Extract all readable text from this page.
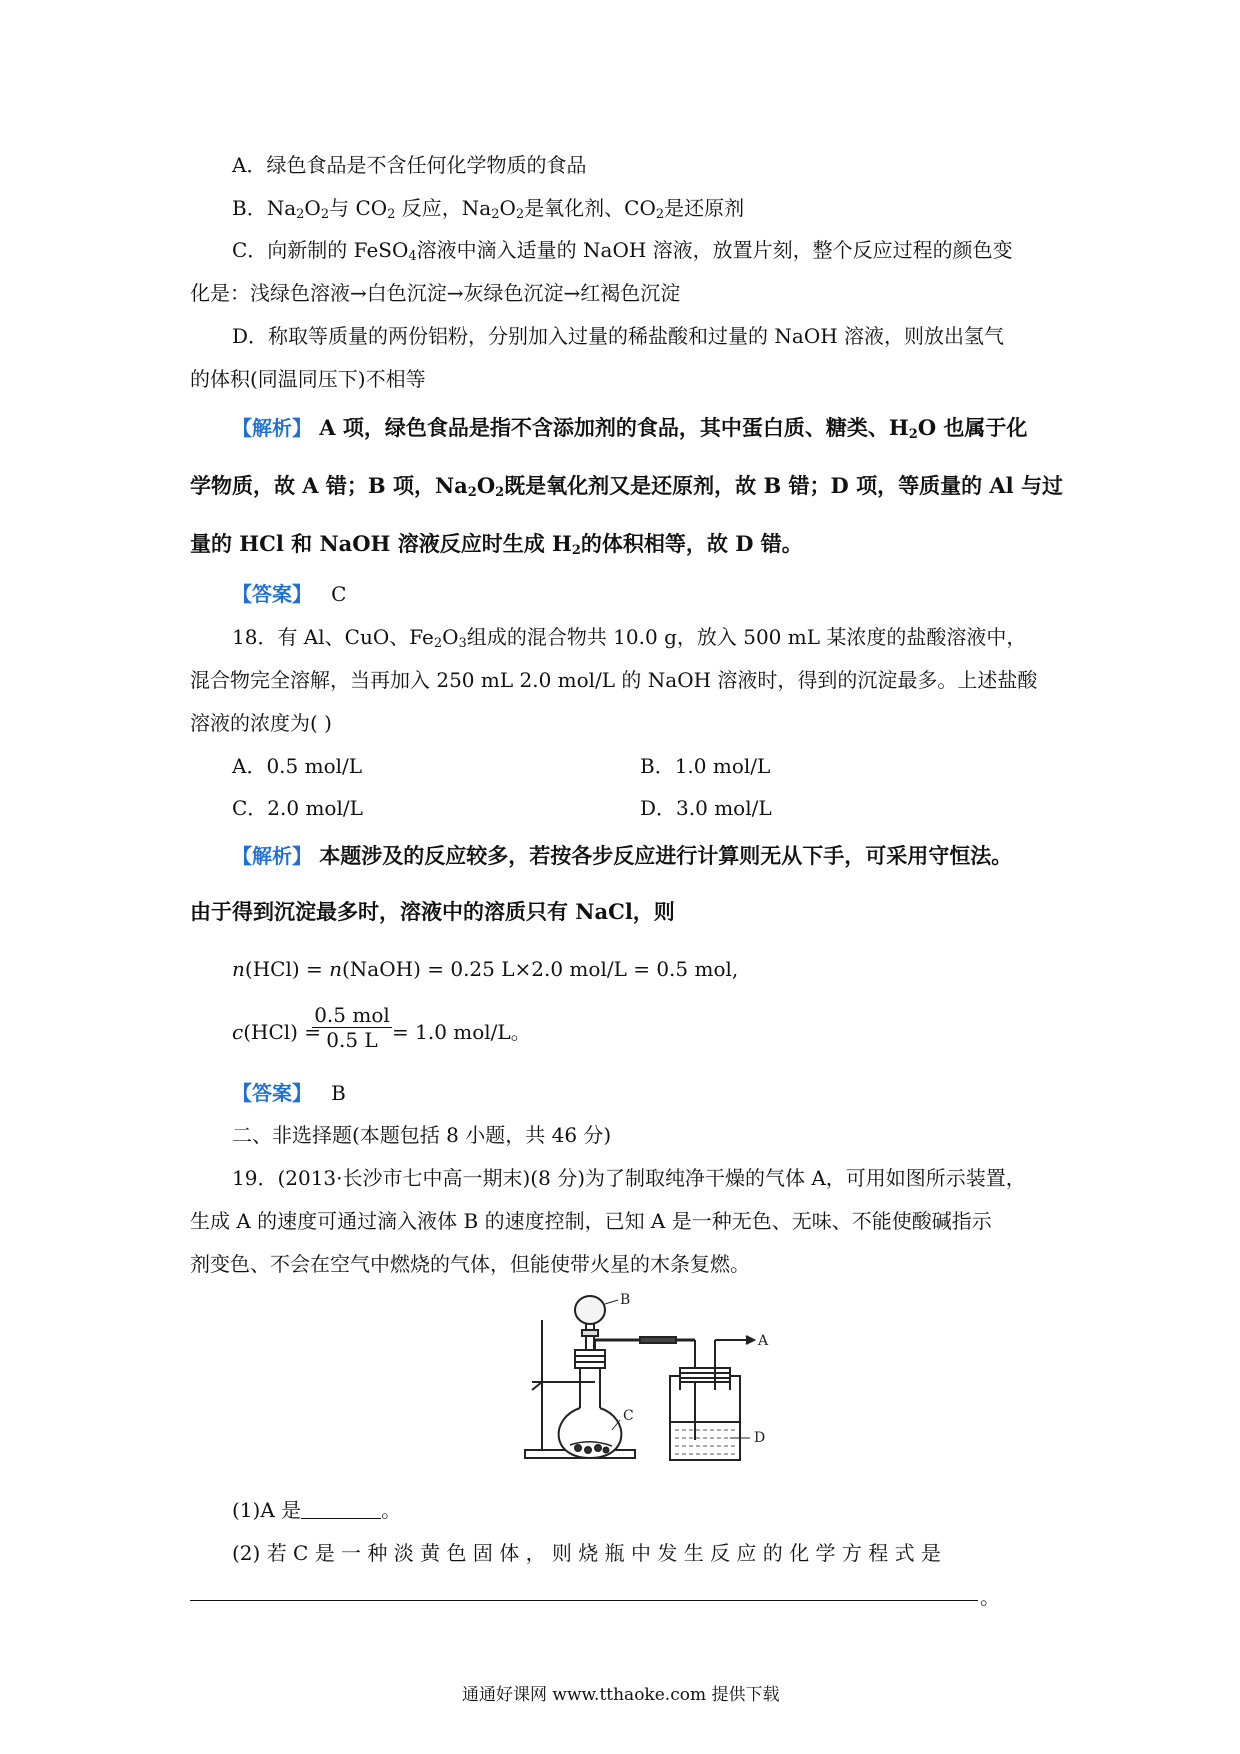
A．绿色食品是不含任何化学物质的食品
B．$Na_2O_2$与 $CO_2$ 反应，$Na_2O_2$是氧化剂、$CO_2$是还原剂
C．向新制的 FeSO$_4$溶液中滴入适量的 NaOH 溶液，放置片刻，整个反应过程的颜色变
化是：浅绿色溶液→白色沉淀→灰绿色沉淀→红褐色沉淀
D．称取等质量的两份铝粉，分别加入过量的稀盐酸和过量的 NaOH 溶液，则放出氢气
的体积(同温同压下)不相等
【解析】 A 项，绿色食品是指不含添加剂的食品，其中蛋白质、糖类、$H_2O$ 也属于化
学物质，故 A 错；B 项，$Na_2O_2$既是氧化剂又是还原剂，故 B 错；D 项，等质量的 Al 与过
量的 HCl 和 NaOH 溶液反应时生成 $H_2$的体积相等，故 D 错。
【答案】 C
18．有 Al、CuO、$Fe_2O_3$组成的混合物共 10.0 g，放入 500 mL 某浓度的盐酸溶液中，
混合物完全溶解，当再加入 250 mL 2.0 mol/L 的 NaOH 溶液时，得到的沉淀最多。上述盐酸
溶液的浓度为( )
A．0.5 mol/L	B．1.0 mol/L
C．2.0 mol/L	D．3.0 mol/L
【解析】 本题涉及的反应较多，若按各步反应进行计算则无从下手，可采用守恒法。
由于得到沉淀最多时，溶液中的溶质只有 NaCl，则
n(HCl) = n(NaOH) = 0.25 L×2.0 mol/L = 0.5 mol,
c(HCl) =
0.5 mol
0.5 L = 1.0 mol/L。
【答案】 B
二、非选择题(本题包括 8 小题，共 46 分)
19．(2013·长沙市七中高一期末)(8 分)为了制取纯净干燥的气体 A，可用如图所示装置，
生成 A 的速度可通过滴入液体 B 的速度控制，已知 A 是一种无色、无味、不能使酸碱指示
剂变色、不会在空气中燃烧的气体，但能使带火星的木条复燃。
A
B
C
D
(1)A 是	。
(2) 若 C 是 一 种 淡 黄 色 固 体 ， 则 烧 瓶 中 发 生 反 应 的 化 学 方 程 式 是
。
通通好课网 www.tthaoke.com 提供下载
